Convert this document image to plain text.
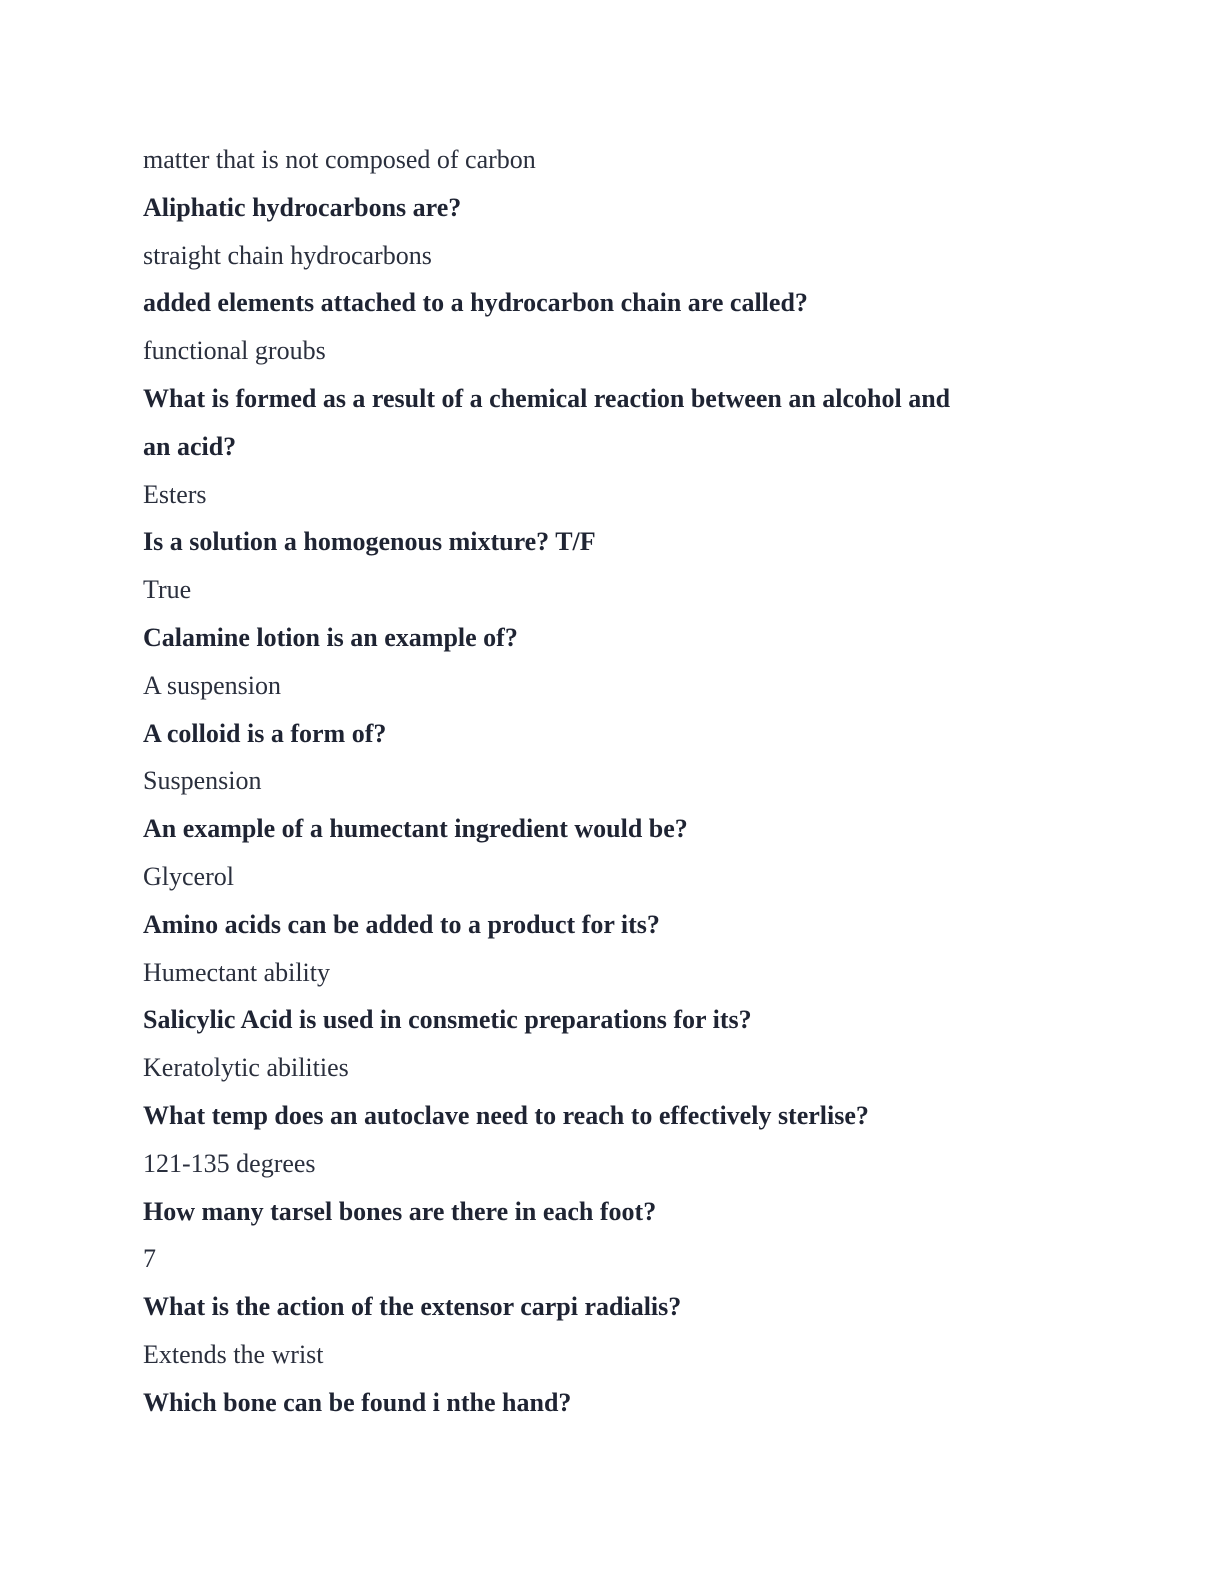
matter that is not composed of carbon
Aliphatic hydrocarbons are?
straight chain hydrocarbons
added elements attached to a hydrocarbon chain are called?
functional groubs
What is formed as a result of a chemical reaction between an alcohol and
an acid?
Esters
Is a solution a homogenous mixture? T/F
True
Calamine lotion is an example of?
A suspension
A colloid is a form of?
Suspension
An example of a humectant ingredient would be?
Glycerol
Amino acids can be added to a product for its?
Humectant ability
Salicylic Acid is used in consmetic preparations for its?
Keratolytic abilities
What temp does an autoclave need to reach to effectively sterlise?
121-135 degrees
How many tarsel bones are there in each foot?
7
What is the action of the extensor carpi radialis?
Extends the wrist
Which bone can be found i nthe hand?
